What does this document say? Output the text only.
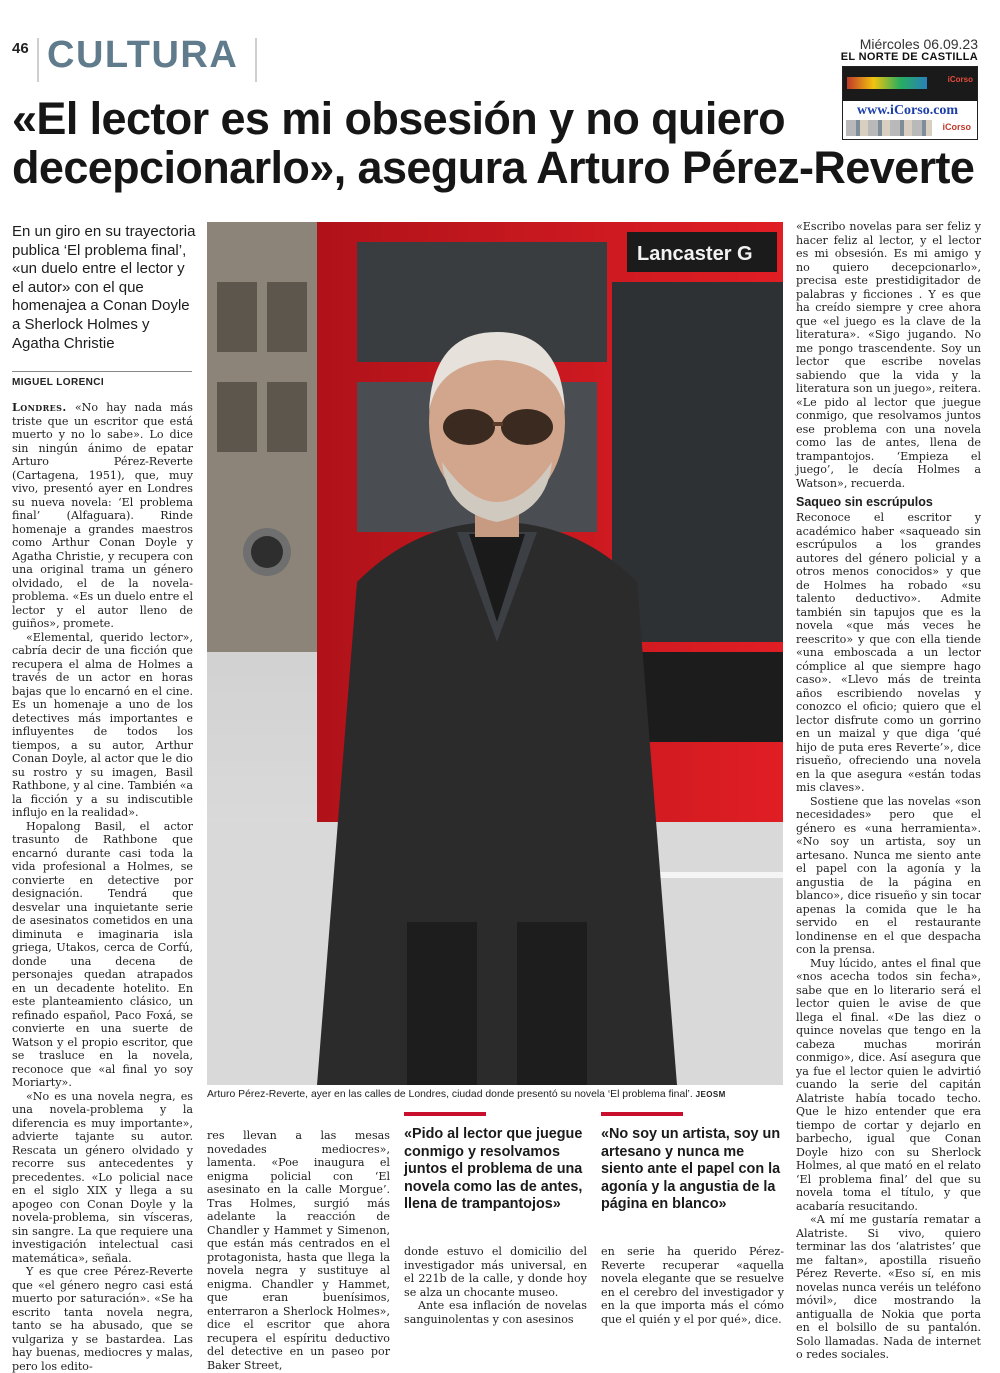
46 CULTURA	Miércoles 06.09.23
EL NORTE DE CASTILLA
iCorso
www.iCorso.com
iCorso
«El lector es mi obsesión y no quiero
decepcionarlo», asegura Arturo Pérez-Reverte
En un giro en su trayectoria publica ‘El problema final’, «un duelo entre el lector y el autor» con el que homenajea a Conan Doyle a Sherlock Holmes y Agatha Christie
MIGUEL LORENCI

Londres. «No hay nada más triste que un escritor que está muerto y no lo sabe». Lo dice sin ningún ánimo de epatar Arturo Pérez-Reverte (Cartagena, 1951), que, muy vivo, presentó ayer en Londres su nueva novela: ‘El problema final’ (Alfaguara). Rinde homenaje a grandes maestros como Arthur Conan Doyle y Agatha Christie, y recupera con una original trama un género olvidado, el de la novela-problema. «Es un duelo entre el lector y el autor lleno de guiños», promete.

«Elemental, querido lector», cabría decir de una ficción que recupera el alma de Holmes a través de un actor en horas bajas que lo encarnó en el cine. Es un homenaje a uno de los detectives más importantes e influyentes de todos los tiempos, a su autor, Arthur Conan Doyle, al actor que le dio su rostro y su imagen, Basil Rathbone, y al cine. También «a la ficción y a su indiscutible influjo en la realidad».

Hopalong Basil, el actor trasunto de Rathbone que encarnó durante casi toda la vida profesional a Holmes, se convierte en detective por designación. Tendrá que desvelar una inquietante serie de asesinatos cometidos en una diminuta e imaginaria isla griega, Utakos, cerca de Corfú, donde una decena de personajes quedan atrapados en un decadente hotelito. En este planteamiento clásico, un refinado español, Paco Foxá, se convierte en una suerte de Watson y el propio escritor, que se trasluce en la novela, reconoce que «al final yo soy Moriarty».

«No es una novela negra, es una novela-problema y la diferencia es muy importante», advierte tajante su autor. Rescata un género olvidado y recorre sus antecedentes y precedentes. «Lo policial nace en el siglo XIX y llega a su apogeo con Conan Doyle y la novela-problema, sin vísceras, sin sangre. La que requiere una investigación intelectual casi matemática», señala.

Y es que cree Pérez-Reverte que «el género negro casi está muerto por saturación». «Se ha escrito tanta novela negra, tanto se ha abusado, que se vulgariza y se bastardea. Las hay buenas, mediocres y malas, pero los edito-

Lancaster G
Arturo Pérez-Reverte, ayer en las calles de Londres, ciudad donde presentó su novela ‘El problema final’. JEOSM

res llevan a las mesas novedades mediocres», lamenta. «Poe inaugura el enigma policial con ‘El asesinato en la calle Morgue’. Tras Holmes, surgió más adelante la reacción de Chandler y Hammet y Simenon, que están más centrados en el protagonista, hasta que llega la novela negra y sustituye al enigma. Chandler y Hammet, que eran buenísimos, enterraron a Sherlock Holmes», dice el escritor que ahora recupera el espíritu deductivo del detective en un paseo por Baker Street,

«Pido al lector que juegue conmigo y resolvamos juntos el problema de una novela como las de antes, llena de trampantojos»
«No soy un artista, soy un artesano y nunca me siento ante el papel con la agonía y la angustia de la página en blanco»

donde estuvo el domicilio del investigador más universal, en el 221b de la calle, y donde hoy se alza un chocante museo.

Ante esa inflación de novelas sanguinolentas y con asesinos

en serie ha querido Pérez-Reverte recuperar «aquella novela elegante que se resuelve en el cerebro del investigador y en la que importa más el cómo que el quién y el por qué», dice.

«Escribo novelas para ser feliz y hacer feliz al lector, y el lector es mi obsesión. Es mi amigo y no quiero decepcionarlo», precisa este prestidigitador de palabras y ficciones . Y es que ha creído siempre y cree ahora que «el juego es la clave de la literatura». «Sigo jugando. No me pongo trascendente. Soy un lector que escribe novelas sabiendo que la vida y la literatura son un juego», reitera. «Le pido al lector que juegue conmigo, que resolvamos juntos ese problema con una novela como las de antes, llena de trampantojos. ‘Empieza el juego’, le decía Holmes a Watson», recuerda.

Saqueo sin escrúpulos

Reconoce el escritor y académico haber «saqueado sin escrúpulos a los grandes autores del género policial y a otros menos conocidos» y que de Holmes ha robado «su talento deductivo». Admite también sin tapujos que es la novela «que más veces he reescrito» y que con ella tiende «una emboscada a un lector cómplice al que siempre hago caso». «Llevo más de treinta años escribiendo novelas y conozco el oficio; quiero que el lector disfrute como un gorrino en un maizal y que diga ‘qué hijo de puta eres Reverte’», dice risueño, ofreciendo una novela en la que asegura «están todas mis claves».

Sostiene que las novelas «son necesidades» pero que el género es «una herramienta». «No soy un artista, soy un artesano. Nunca me siento ante el papel con la agonía y la angustia de la página en blanco», dice risueño y sin tocar apenas la comida que le ha servido en el restaurante londinense en el que despacha con la prensa.

Muy lúcido, antes el final que «nos acecha todos sin fecha», sabe que en lo literario será el lector quien le avise de que llega el final. «De las diez o quince novelas que tengo en la cabeza muchas morirán conmigo», dice. Así asegura que ya fue el lector quien le advirtió cuando la serie del capitán Alatriste había tocado techo. Que le hizo entender que era tiempo de cortar y dejarlo en barbecho, igual que Conan Doyle hizo con su Sherlock Holmes, al que mató en el relato ‘El problema final’ del que su novela toma el título, y que acabaría resucitando.

«A mí me gustaría rematar a Alatriste. Si vivo, quiero terminar las dos ‘alatristes’ que me faltan», apostilla risueño Pérez Reverte. «Eso sí, en mis novelas nunca veréis un teléfono móvil», dice mostrando la antigualla de Nokia que porta en el bolsillo de su pantalón. Solo llamadas. Nada de internet o redes sociales.
